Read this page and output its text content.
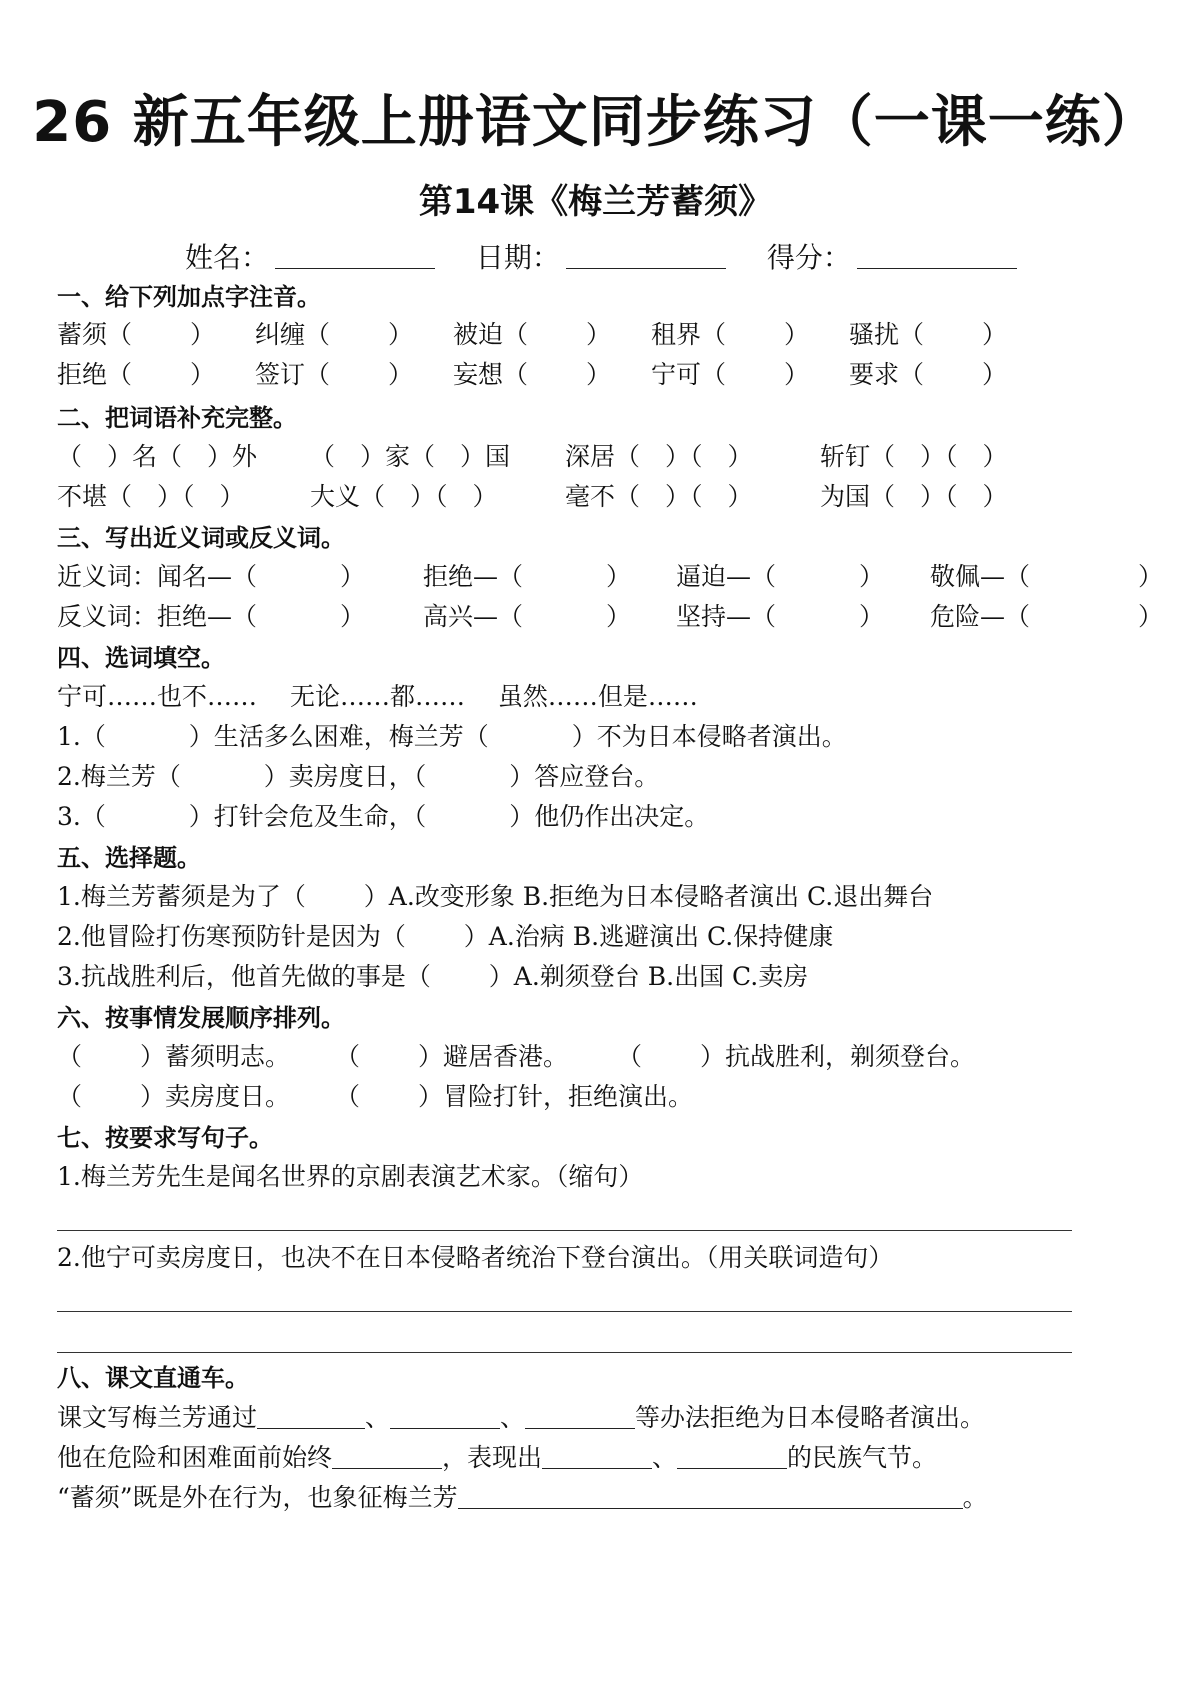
26 新五年级上册语文同步练习（一课一练）
第14课《梅兰芳蓄须》
姓名：	日期：	得分：
一、给下列加点字注音。
蓄须（　　 ） 纠缠（　　 ） 被迫（　　 ） 租界（　　 ） 骚扰（　　 ）
拒绝（　　 ） 签订（　　 ） 妄想（　　 ） 宁可（　　 ） 要求（　　 ）
二、把词语补充完整。
（　）名（　）外 （　）家（　）国 深居（　）（　）	斩钉（　）（　）
不堪（　）（　）	大义（　）（　）	毫不（　）（　）	为国（　）（　）
三、写出近义词或反义词。
近义词：闻名—（　　　 ） 拒绝—（　　　 ） 逼迫—（　　　 ） 敬佩—（　　　　 ）
反义词：拒绝—（　　　 ） 高兴—（　　　 ） 坚持—（　　　 ） 危险—（　　　　 ）
四、选词填空。
宁可……也不……　 无论……都……　 虽然……但是……
1.（　　　 ）生活多么困难，梅兰芳（　　　 ）不为日本侵略者演出。
2.梅兰芳（　　　 ）卖房度日，（　　　 ）答应登台。
3.（　　　 ）打针会危及生命，（　　　 ）他仍作出决定。
五、选择题。
1.梅兰芳蓄须是为了（　　 ）A.改变形象 B.拒绝为日本侵略者演出 C.退出舞台
2.他冒险打伤寒预防针是因为（　　 ）A.治病 B.逃避演出 C.保持健康
3.抗战胜利后，他首先做的事是（　　 ）A.剃须登台 B.出国 C.卖房
六、按事情发展顺序排列。
（　　 ）蓄须明志。 （　　 ）避居香港。 （　　 ）抗战胜利，剃须登台。
（　　 ）卖房度日。 （　　 ）冒险打针，拒绝演出。
七、按要求写句子。
1.梅兰芳先生是闻名世界的京剧表演艺术家。（缩句）
2.他宁可卖房度日，也决不在日本侵略者统治下登台演出。（用关联词造句）
八、课文直通车。
课文写梅兰芳通过	、	、	等办法拒绝为日本侵略者演出。
他在危险和困难面前始终	，表现出	、	的民族气节。
“蓄须”既是外在行为，也象征梅兰芳	。
